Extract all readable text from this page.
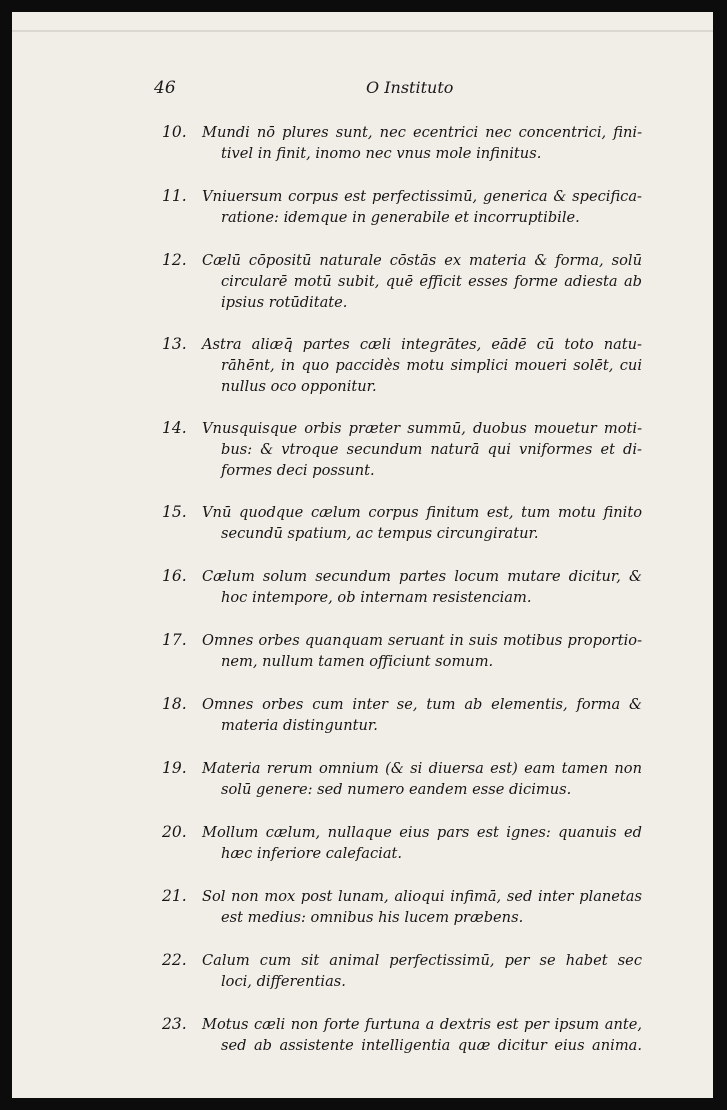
46	O Instituto
10.	Mundi nō plures sunt, nec ecentrici nec concentrici, fini-
tivel in finit, inomo nec vnus mole infinitus.
11.	Vniuersum corpus est perfectissimū, generica & specifica-
ratione: idemque in generabile et incorruptibile.
12.	Cælū cōpositū naturale cōstās ex materia & forma, solū
circularē motū subit, quē efficit esses forme adiesta ab
ipsius rotūditate.
13.	Astra aliæq̄ partes cæli integrātes, eādē cū toto natu-
rāhēnt, in quo paccidès motu simplici moueri solēt, cui
nullus oco opponitur.
14.	Vnusquisque orbis præter summū, duobus mouetur moti-
bus: & vtroque secundum naturā qui vniformes et di-
formes deci possunt.
15.	Vnū quodque cælum corpus finitum est, tum motu finito
secundū spatium, ac tempus circungiratur.
16.	Cælum solum secundum partes locum mutare dicitur, &
hoc intempore, ob internam resistenciam.
17.	Omnes orbes quanquam seruant in suis motibus proportio-
nem, nullum tamen officiunt somum.
18.	Omnes orbes cum inter se, tum ab elementis, forma &
materia distinguntur.
19.	Materia rerum omnium (& si diuersa est) eam tamen non
solū genere: sed numero eandem esse dicimus.
20.	Mollum cælum, nullaque eius pars est ignes: quanuis ed
hæc inferiore calefaciat.
21.	Sol non mox post lunam, alioqui infimā, sed inter planetas
est medius: omnibus his lucem præbens.
22.	Calum cum sit animal perfectissimū, per se habet sec
loci, differentias.
23.	Motus cæli non forte furtuna a dextris est per ipsum ante,
sed ab assistente intelligentia quæ dicitur eius anima.
